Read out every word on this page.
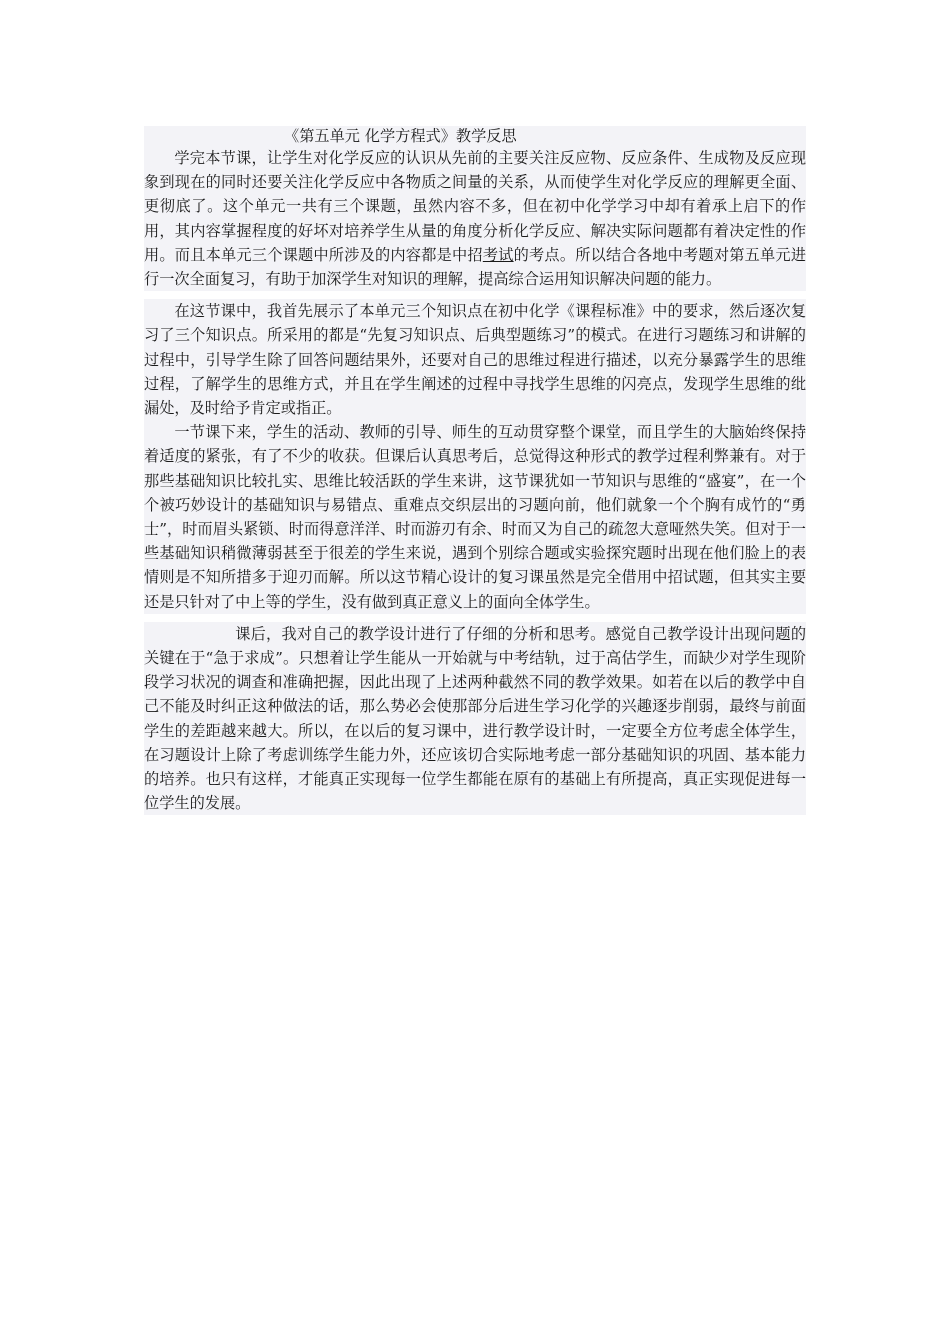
《第五单元 化学方程式》教学反思

学完本节课，让学生对化学反应的认识从先前的主要关注反应物、反应条件、生成物及反应现象到现在的同时还要关注化学反应中各物质之间量的关系，从而使学生对化学反应的理解更全面、更彻底了。这个单元一共有三个课题，虽然内容不多，但在初中化学学习中却有着承上启下的作用，其内容掌握程度的好坏对培养学生从量的角度分析化学反应、解决实际问题都有着决定性的作用。而且本单元三个课题中所涉及的内容都是中招考试的考点。所以结合各地中考题对第五单元进行一次全面复习，有助于加深学生对知识的理解，提高综合运用知识解决问题的能力。

在这节课中，我首先展示了本单元三个知识点在初中化学《课程标准》中的要求，然后逐次复习了三个知识点。所采用的都是“先复习知识点、后典型题练习”的模式。在进行习题练习和讲解的过程中，引导学生除了回答问题结果外，还要对自己的思维过程进行描述，以充分暴露学生的思维过程，了解学生的思维方式，并且在学生阐述的过程中寻找学生思维的闪亮点，发现学生思维的纰漏处，及时给予肯定或指正。

一节课下来，学生的活动、教师的引导、师生的互动贯穿整个课堂，而且学生的大脑始终保持着适度的紧张，有了不少的收获。但课后认真思考后，总觉得这种形式的教学过程利弊兼有。对于那些基础知识比较扎实、思维比较活跃的学生来讲，这节课犹如一节知识与思维的“盛宴”，在一个个被巧妙设计的基础知识与易错点、重难点交织层出的习题向前，他们就象一个个胸有成竹的“勇士”，时而眉头紧锁、时而得意洋洋、时而游刃有余、时而又为自己的疏忽大意哑然失笑。但对于一些基础知识稍微薄弱甚至于很差的学生来说，遇到个别综合题或实验探究题时出现在他们脸上的表情则是不知所措多于迎刃而解。所以这节精心设计的复习课虽然是完全借用中招试题，但其实主要还是只针对了中上等的学生，没有做到真正意义上的面向全体学生。

课后，我对自己的教学设计进行了仔细的分析和思考。感觉自己教学设计出现问题的关键在于“急于求成”。只想着让学生能从一开始就与中考结轨，过于高估学生，而缺少对学生现阶段学习状况的调查和准确把握，因此出现了上述两种截然不同的教学效果。如若在以后的教学中自己不能及时纠正这种做法的话，那么势必会使那部分后进生学习化学的兴趣逐步削弱，最终与前面学生的差距越来越大。所以，在以后的复习课中，进行教学设计时，一定要全方位考虑全体学生，在习题设计上除了考虑训练学生能力外，还应该切合实际地考虑一部分基础知识的巩固、基本能力的培养。也只有这样，才能真正实现每一位学生都能在原有的基础上有所提高，真正实现促进每一位学生的发展。
